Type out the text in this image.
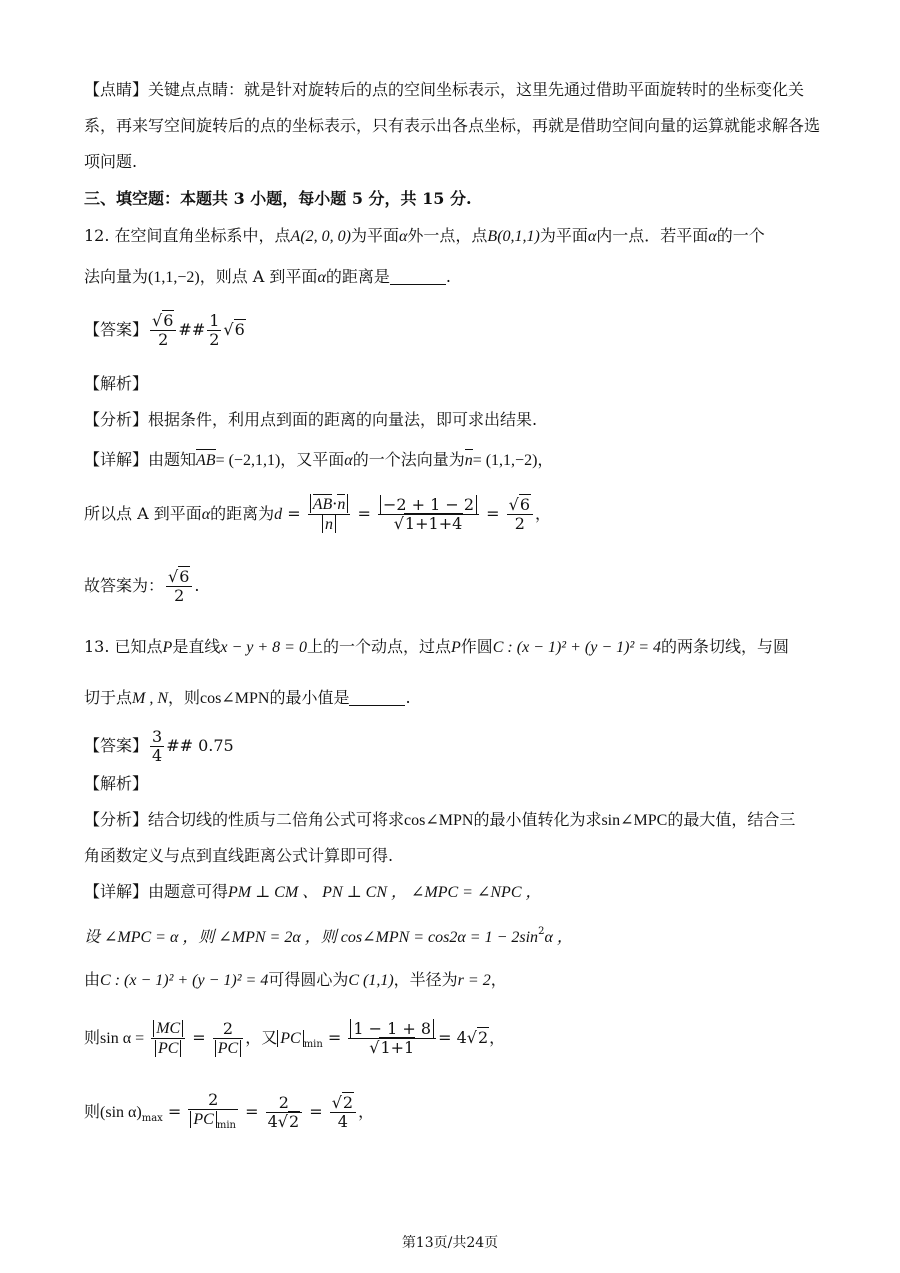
【点睛】关键点点睛：就是针对旋转后的点的空间坐标表示，这里先通过借助平面旋转时的坐标变化关
系，再来写空间旋转后的点的坐标表示，只有表示出各点坐标，再就是借助空间向量的运算就能求解各选
项问题.
三、填空题：本题共 3 小题，每小题 5 分，共 15 分.
12. 在空间直角坐标系中，点A(2, 0, 0)为平面α外一点，点B(0,1,1)为平面α内一点．若平面α的一个
法向量为(1,1,−2)，则点 A 到平面α的距离是	.
【答案】 $\frac{√6}{2}$ ## $\frac{1}{2} √6$
【解析】
【分析】根据条件，利用点到面的距离的向量法，即可求出结果.
【详解】由题知AB= (−2,1,1)，又平面α的一个法向量为n= (1,1,−2)，
所以点 A 到平面α的距离为$d = \frac{AB\cdot n}{n} = \frac{-2 + 1 - 2}{√1+1+4} = \frac{√6}{2}$ ，
故答案为： $\frac{√6}{2}$ .
13. 已知点P是直线x − y + 8 = 0上的一个动点，过点P作圆C : (x − 1)² + (y − 1)² = 4的两条切线，与圆
切于点M , N，则cos∠MPN的最小值是	.
【答案】 $\frac{3}{4}$ ## 0.75
【解析】
【分析】结合切线的性质与二倍角公式可将求cos∠MPN的最小值转化为求sin∠MPC的最大值，结合三
角函数定义与点到直线距离公式计算即可得.
【详解】由题意可得PM ⊥ CM 、 PN ⊥ CN ， ∠MPC = ∠NPC ，
设 ∠MPC = α ，则 ∠MPN = 2α ，则 cos∠MPN = $\cos 2\alpha = 1 - 2\sin^2\alpha$ ，
由C : (x − 1)² + (y − 1)² = 4可得圆心为C (1,1)，半径为r = 2，
则$\sin \alpha = \frac{MC}{PC} = \frac{2}{PC}$ ，又 PC $_{min} = \frac{1 - 1 + 8}{√1+1} = 4√2$，
则(sin $\alpha)_{max} = \frac{2}{PC _{min}} = \frac{2}{4√2} = \frac{√2}{4}$ ，
第13页/共24页
